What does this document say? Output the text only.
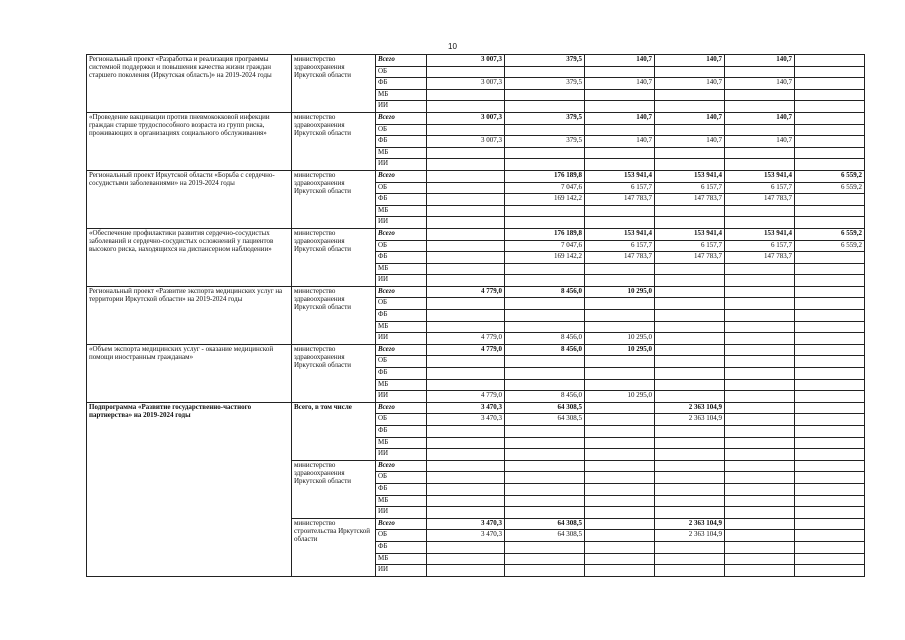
10
Региональный проект «Разработка и реализация программы системной поддержки и повышения качества жизни граждан старшего поколения (Иркутская область)» на 2019-2024 годы	министерство здравоохранения Иркутской области	Всего	3 007,3	379,5	140,7	140,7	140,7	
		ОБ						
		ФБ	3 007,3	379,5	140,7	140,7	140,7	
		МБ						
		ИИ						
«Проведение вакцинации против пневмококковой инфекции граждан старше трудоспособного возраста из групп риска, проживающих в организациях социального обслуживания»	министерство здравоохранения Иркутской области	Всего	3 007,3	379,5	140,7	140,7	140,7	
		ОБ						
		ФБ	3 007,3	379,5	140,7	140,7	140,7	
		МБ						
		ИИ						
Региональный проект Иркутской области «Борьба с сердечно-сосудистыми заболеваниями» на 2019-2024 годы	министерство здравоохранения Иркутской области	Всего		176 189,8	153 941,4	153 941,4	153 941,4	6 559,2
		ОБ		7 047,6	6 157,7	6 157,7	6 157,7	6 559,2
		ФБ		169 142,2	147 783,7	147 783,7	147 783,7	
		МБ						
		ИИ						
«Обеспечение профилактики развития сердечно-сосудистых заболеваний и сердечно-сосудистых осложнений у пациентов высокого риска, находящихся на диспансерном наблюдении»	министерство здравоохранения Иркутской области	Всего		176 189,8	153 941,4	153 941,4	153 941,4	6 559,2
		ОБ		7 047,6	6 157,7	6 157,7	6 157,7	6 559,2
		ФБ		169 142,2	147 783,7	147 783,7	147 783,7	
		МБ						
		ИИ						
Региональный проект «Развитие экспорта медицинских услуг на территории Иркутской области» на 2019-2024 годы	министерство здравоохранения Иркутской области	Всего	4 779,0	8 456,0	10 295,0			
		ОБ						
		ФБ						
		МБ						
		ИИ	4 779,0	8 456,0	10 295,0			
«Объем экспорта медицинских услуг - оказание медицинской помощи иностранным гражданам»	министерство здравоохранения Иркутской области	Всего	4 779,0	8 456,0	10 295,0			
		ОБ						
		ФБ						
		МБ						
		ИИ	4 779,0	8 456,0	10 295,0			
Подпрограмма «Развитие государственно-частного партнерства» на 2019-2024 годы	Всего, в том числе	Всего	3 470,3	64 308,5		2 363 104,9		
		ОБ	3 470,3	64 308,5		2 363 104,9		
		ФБ						
		МБ						
		ИИ						
	министерство здравоохранения Иркутской области	Всего						
		ОБ						
		ФБ						
		МБ						
		ИИ						
	министерство строительства Иркутской области	Всего	3 470,3	64 308,5		2 363 104,9		
		ОБ	3 470,3	64 308,5		2 363 104,9		
		ФБ						
		МБ						
		ИИ						
